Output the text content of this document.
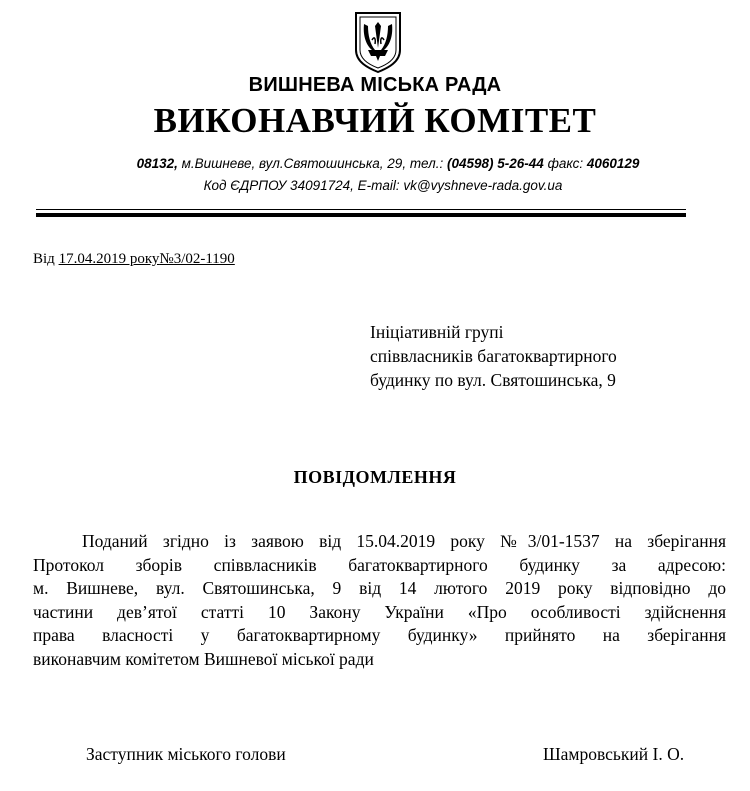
ВИШНЕВА МІСЬКА РАДА
ВИКОНАВЧИЙ КОМІТЕТ
08132, м.Вишневе, вул.Святошинська, 29, тел.: (04598) 5-26-44 факс: 4060129
Код ЄДРПОУ 34091724, E-mail: vk@vyshneve-rada.gov.ua
Від 17.04.2019 року№3/02-1190
Ініціативній групі
співвласників багатоквартирного
будинку по вул. Святошинська, 9
ПОВІДОМЛЕННЯ
Поданий згідно із заявою від 15.04.2019 року №3/01-1537 на зберігання
Протокол зборів співвласників багатоквартирного будинку за адресою:
м. Вишневе, вул. Святошинська, 9 від 14 лютого 2019 року відповідно до
частини дев’ятої статті 10 Закону України «Про особливості здійснення
права власності у багатоквартирному будинку» прийнято на зберігання
виконавчим комітетом Вишневої міської ради
Заступник міського голови	Шамровський І. О.
